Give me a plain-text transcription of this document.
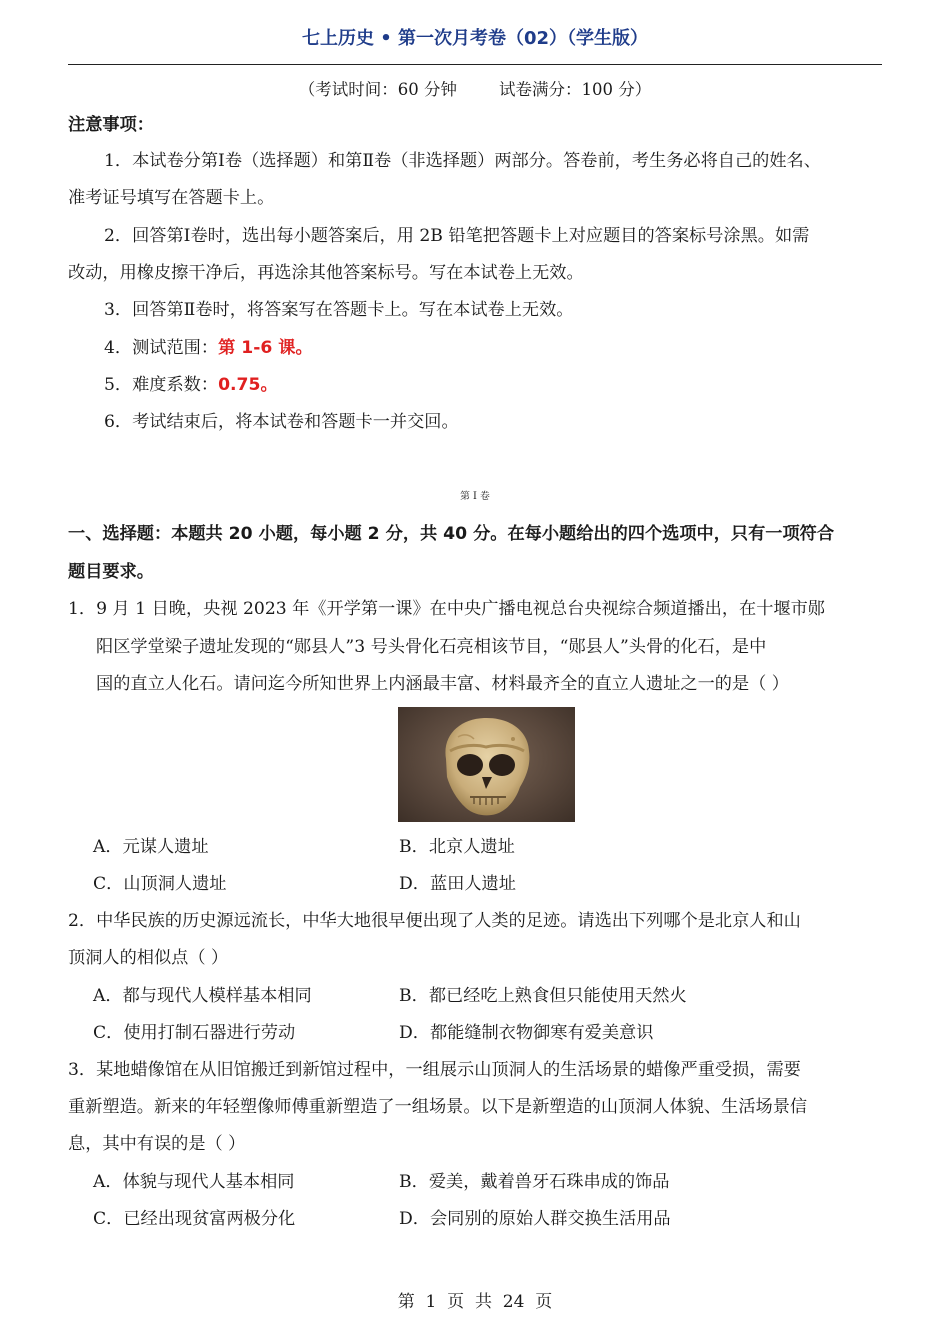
七上历史 • 第一次月考卷（02）（学生版）
（考试时间：60 分钟        试卷满分：100 分）
注意事项：
1．本试卷分第Ⅰ卷（选择题）和第Ⅱ卷（非选择题）两部分。答卷前，考生务必将自己的姓名、
准考证号填写在答题卡上。
2．回答第Ⅰ卷时，选出每小题答案后，用 2B 铅笔把答题卡上对应题目的答案标号涂黑。如需
改动，用橡皮擦干净后，再选涂其他答案标号。写在本试卷上无效。
3．回答第Ⅱ卷时，将答案写在答题卡上。写在本试卷上无效。
4．测试范围：第 1-6 课。
5．难度系数：0.75。
6．考试结束后，将本试卷和答题卡一并交回。
第 I 卷
一、选择题：本题共 20 小题，每小题 2 分，共 40 分。在每小题给出的四个选项中，只有一项符合
题目要求。
1．9 月 1 日晚，央视 2023 年《开学第一课》在中央广播电视总台央视综合频道播出，在十堰市郧
阳区学堂梁子遗址发现的“郧县人”3 号头骨化石亮相该节目，“郧县人”头骨的化石，是中
国的直立人化石。请问迄今所知世界上内涵最丰富、材料最齐全的直立人遗址之一的是（ ）
A．元谋人遗址	B．北京人遗址
C．山顶洞人遗址	D．蓝田人遗址
2．中华民族的历史源远流长，中华大地很早便出现了人类的足迹。请选出下列哪个是北京人和山
顶洞人的相似点（ ）
A．都与现代人模样基本相同	B．都已经吃上熟食但只能使用天然火
C．使用打制石器进行劳动	D．都能缝制衣物御寒有爱美意识
3．某地蜡像馆在从旧馆搬迁到新馆过程中，一组展示山顶洞人的生活场景的蜡像严重受损，需要
重新塑造。新来的年轻塑像师傅重新塑造了一组场景。以下是新塑造的山顶洞人体貌、生活场景信
息，其中有误的是（ ）
A．体貌与现代人基本相同	B．爱美，戴着兽牙石珠串成的饰品
C．已经出现贫富两极分化	D．会同别的原始人群交换生活用品
第  1  页  共  24  页
